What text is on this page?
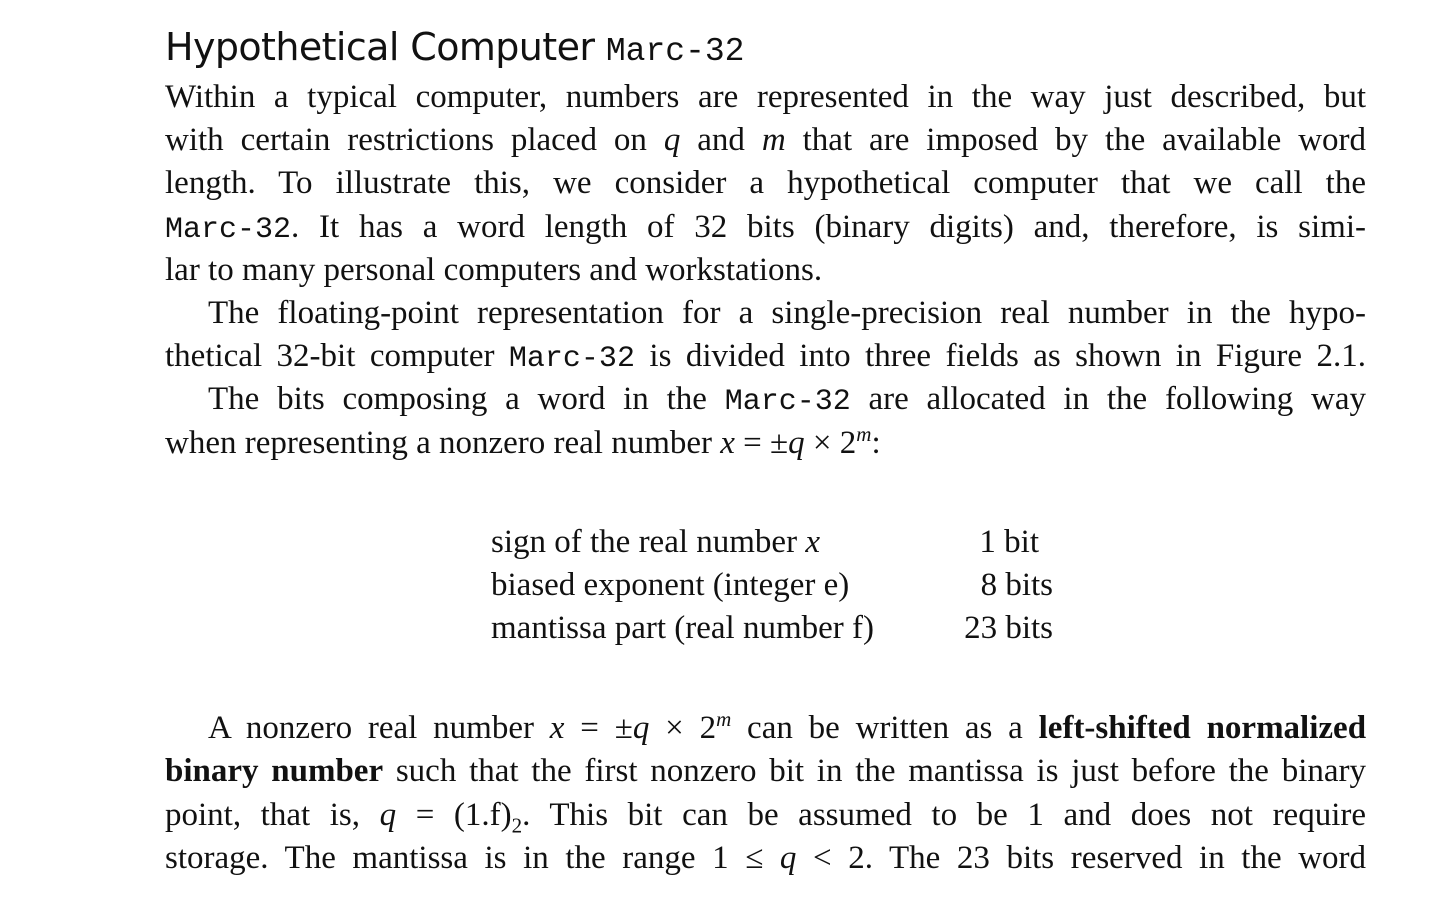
Hypothetical Computer Marc-32
Within a typical computer, numbers are represented in the way just described, but
with certain restrictions placed on q and m that are imposed by the available word
length. To illustrate this, we consider a hypothetical computer that we call the
Marc-32. It has a word length of 32 bits (binary digits) and, therefore, is simi-
lar to many personal computers and workstations.
The floating-point representation for a single-precision real number in the hypo-
thetical 32-bit computer Marc-32 is divided into three fields as shown in Figure 2.1.
The bits composing a word in the Marc-32 are allocated in the following way
when representing a nonzero real number $x = \pm q \times 2^m$:
sign of the real number x	1 bit
biased exponent (integer e)	8 bits
mantissa part (real number f)	23 bits
A nonzero real number $x = \pm q \times 2^m$ can be written as a left-shifted normalized
binary number such that the first nonzero bit in the mantissa is just before the binary
point, that is, $q = (1.f)_2$. This bit can be assumed to be 1 and does not require
storage. The mantissa is in the range 1 ≤ q < 2. The 23 bits reserved in the word
